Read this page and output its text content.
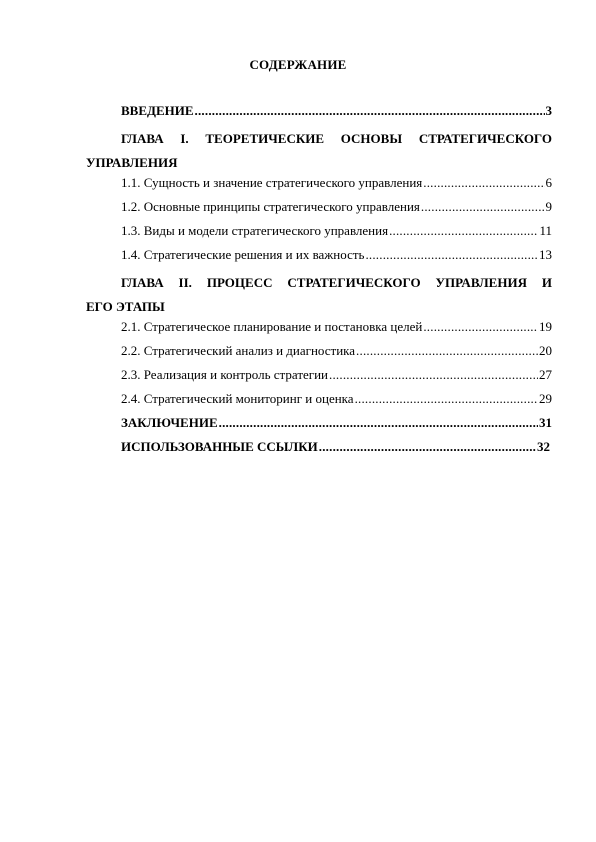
СОДЕРЖАНИЕ
ВВЕДЕНИЕ .....	3
ГЛАВА I. ТЕОРЕТИЧЕСКИЕ ОСНОВЫ СТРАТЕГИЧЕСКОГО
УПРАВЛЕНИЯ
1.1. Сущность и значение стратегического управления .....	6
1.2. Основные принципы стратегического управления .....	9
1.3. Виды и модели стратегического управления .....	11
1.4. Стратегические решения и их важность .....	13
ГЛАВА II. ПРОЦЕСС СТРАТЕГИЧЕСКОГО УПРАВЛЕНИЯ И
ЕГО ЭТАПЫ
2.1. Стратегическое планирование и постановка целей .....	19
2.2. Стратегический анализ и диагностика .....	20
2.3. Реализация и контроль стратегии .....	27
2.4. Стратегический мониторинг и оценка .....	29
ЗАКЛЮЧЕНИЕ .....	31
ИСПОЛЬЗОВАННЫЕ ССЫЛКИ .....	32
